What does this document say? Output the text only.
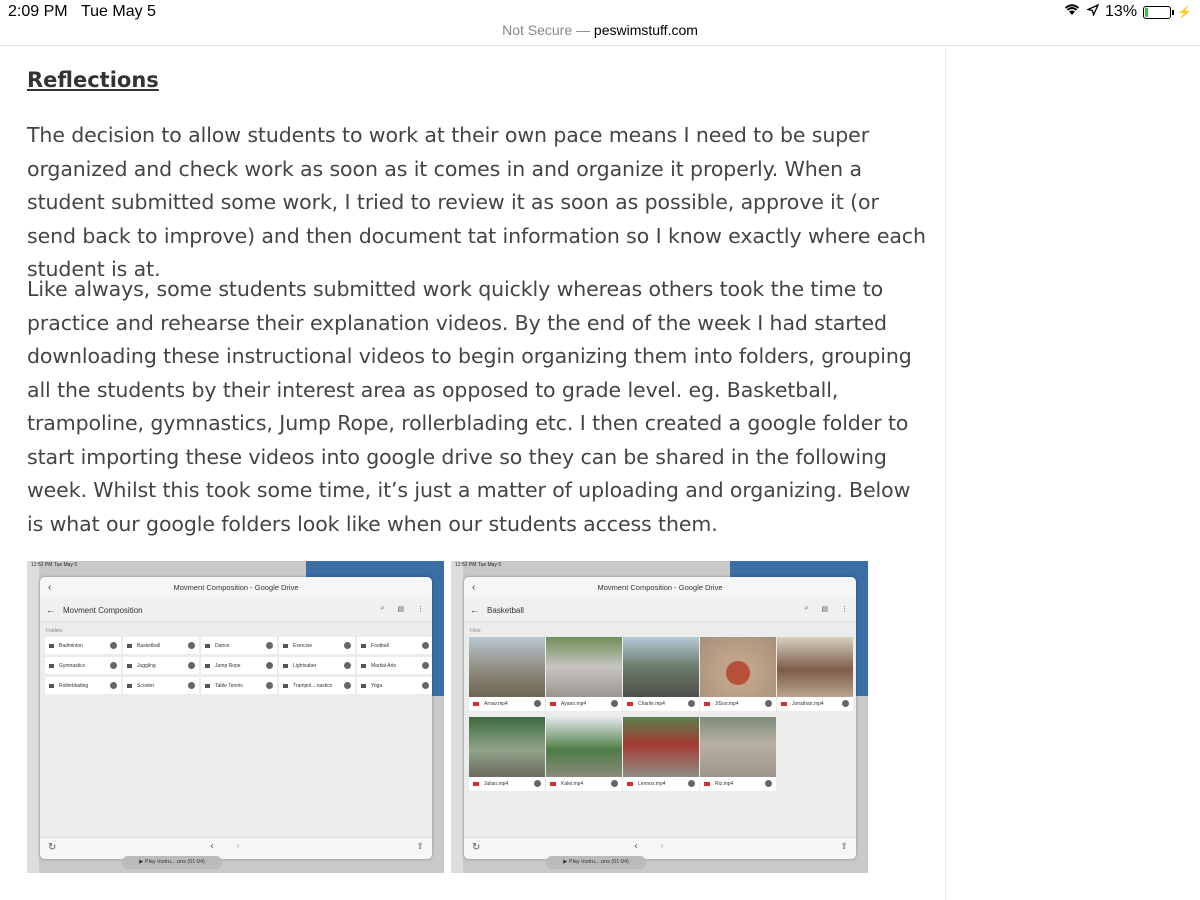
2:09 PM Tue May 5	13%	⚡
Not Secure — peswimstuff.com
Reflections

The decision to allow students to work at their own pace means I need to be super organized and check work as soon as it comes in and organize it properly. When a student submitted some work, I tried to review it as soon as possible, approve it (or send back to improve) and then document tat information so I know exactly where each student is at.

Like always, some students submitted work quickly whereas others took the time to practice and rehearse their explanation videos. By the end of the week I had started downloading these instructional videos to begin organizing them into folders, grouping all the students by their interest area as opposed to grade level. eg. Basketball, trampoline, gymnastics, Jump Rope, rollerblading etc. I then created a google folder to start importing these videos into google drive so they can be shared in the following week. Whilst this took some time, it’s just a matter of uploading and organizing. Below is what our google folders look like when our students access them.

12:52 PM Tue May 5
‹	Movment Composition - Google Drive
← Movment Composition	⌕ ▤ ⋮
Folders
Badminton	Basketball	Dance	Exercise	Football
Gymnastics	Juggling	Jump Rope	Lightsaber	Martial Arts
Rollerblading	Scooter	Table Tennis	Trampol... nastics	Yoga
↻	‹›	⇪
▶ Play Instru....ons (01:04)
12:52 PM Tue May 5
‹	Movment Composition - Google Drive
← Basketball	⌕ ▤ ⋮
Files
Arnav.mp4	Ayano.mp4	Charlie.mp4	JiSoo.mp4	Jonathan.mp4
Julian.mp4	Kalei.mp4	Lennox.mp4	Riz.mp4
↻	‹›	⇪
▶ Play Instru....ons (01:04)
